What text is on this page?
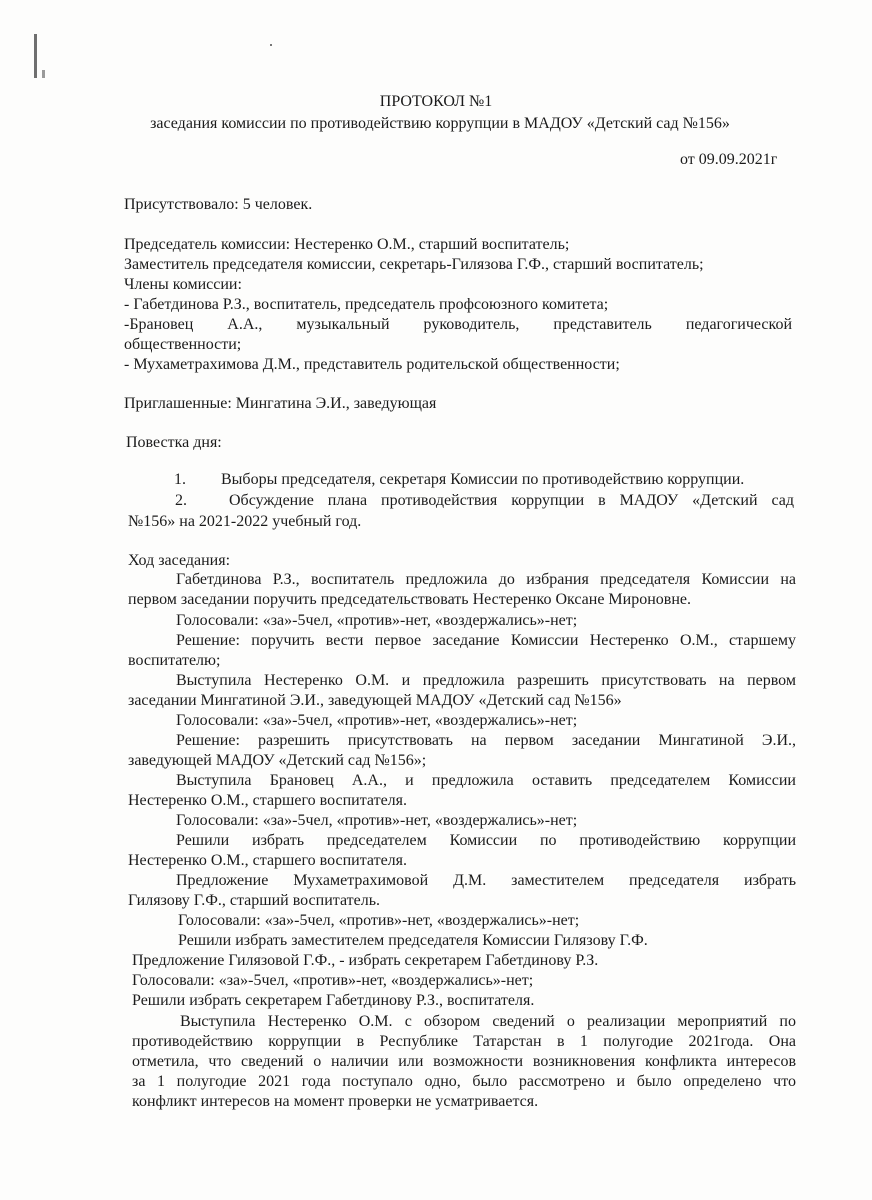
ПРОТОКОЛ №1
заседания комиссии по противодействию коррупции в МАДОУ «Детский сад №156»
от 09.09.2021г
Присутствовало: 5 человек.
Председатель комиссии: Нестеренко О.М., старший воспитатель;
Заместитель председателя комиссии, секретарь-Гилязова Г.Ф., старший воспитатель;
Члены комиссии:
- Габетдинова Р.З., воспитатель, председатель профсоюзного комитета;
-Брановец А.А., музыкальный руководитель, представитель педагогической
общественности;
- Мухаметрахимова Д.М., представитель родительской общественности;
Приглашенные: Мингатина Э.И., заведующая
Повестка дня:
1. Выборы председателя, секретаря Комиссии по противодействию коррупции.
2.	Обсуждение плана противодействия коррупции в МАДОУ «Детский сад
№156» на 2021-2022 учебный год.
Ход заседания:
Габетдинова Р.З., воспитатель предложила до избрания председателя Комиссии на
первом заседании поручить председательствовать Нестеренко Оксане Мироновне.
Голосовали: «за»-5чел, «против»-нет, «воздержались»-нет;
Решение: поручить вести первое заседание Комиссии Нестеренко О.М., старшему
воспитателю;
Выступила Нестеренко О.М. и предложила разрешить присутствовать на первом
заседании Мингатиной Э.И., заведующей МАДОУ «Детский сад №156»
Голосовали: «за»-5чел, «против»-нет, «воздержались»-нет;
Решение: разрешить присутствовать на первом заседании Мингатиной Э.И.,
заведующей МАДОУ «Детский сад №156»;
Выступила Брановец А.А., и предложила оставить председателем Комиссии
Нестеренко О.М., старшего воспитателя.
Голосовали: «за»-5чел, «против»-нет, «воздержались»-нет;
Решили избрать председателем Комиссии по противодействию коррупции
Нестеренко О.М., старшего воспитателя.
Предложение Мухаметрахимовой Д.М. заместителем председателя избрать
Гилязову Г.Ф., старший воспитатель.
Голосовали: «за»-5чел, «против»-нет, «воздержались»-нет;
Решили избрать заместителем председателя Комиссии Гилязову Г.Ф.
Предложение Гилязовой Г.Ф., - избрать секретарем Габетдинову Р.З.
Голосовали: «за»-5чел, «против»-нет, «воздержались»-нет;
Решили избрать секретарем Габетдинову Р.З., воспитателя.
Выступила Нестеренко О.М. с обзором сведений о реализации мероприятий по
противодействию коррупции в Республике Татарстан в 1 полугодие 2021года. Она
отметила, что сведений о наличии или возможности возникновения конфликта интересов
за 1 полугодие 2021 года поступало одно, было рассмотрено и было определено что
конфликт интересов на момент проверки не усматривается.
